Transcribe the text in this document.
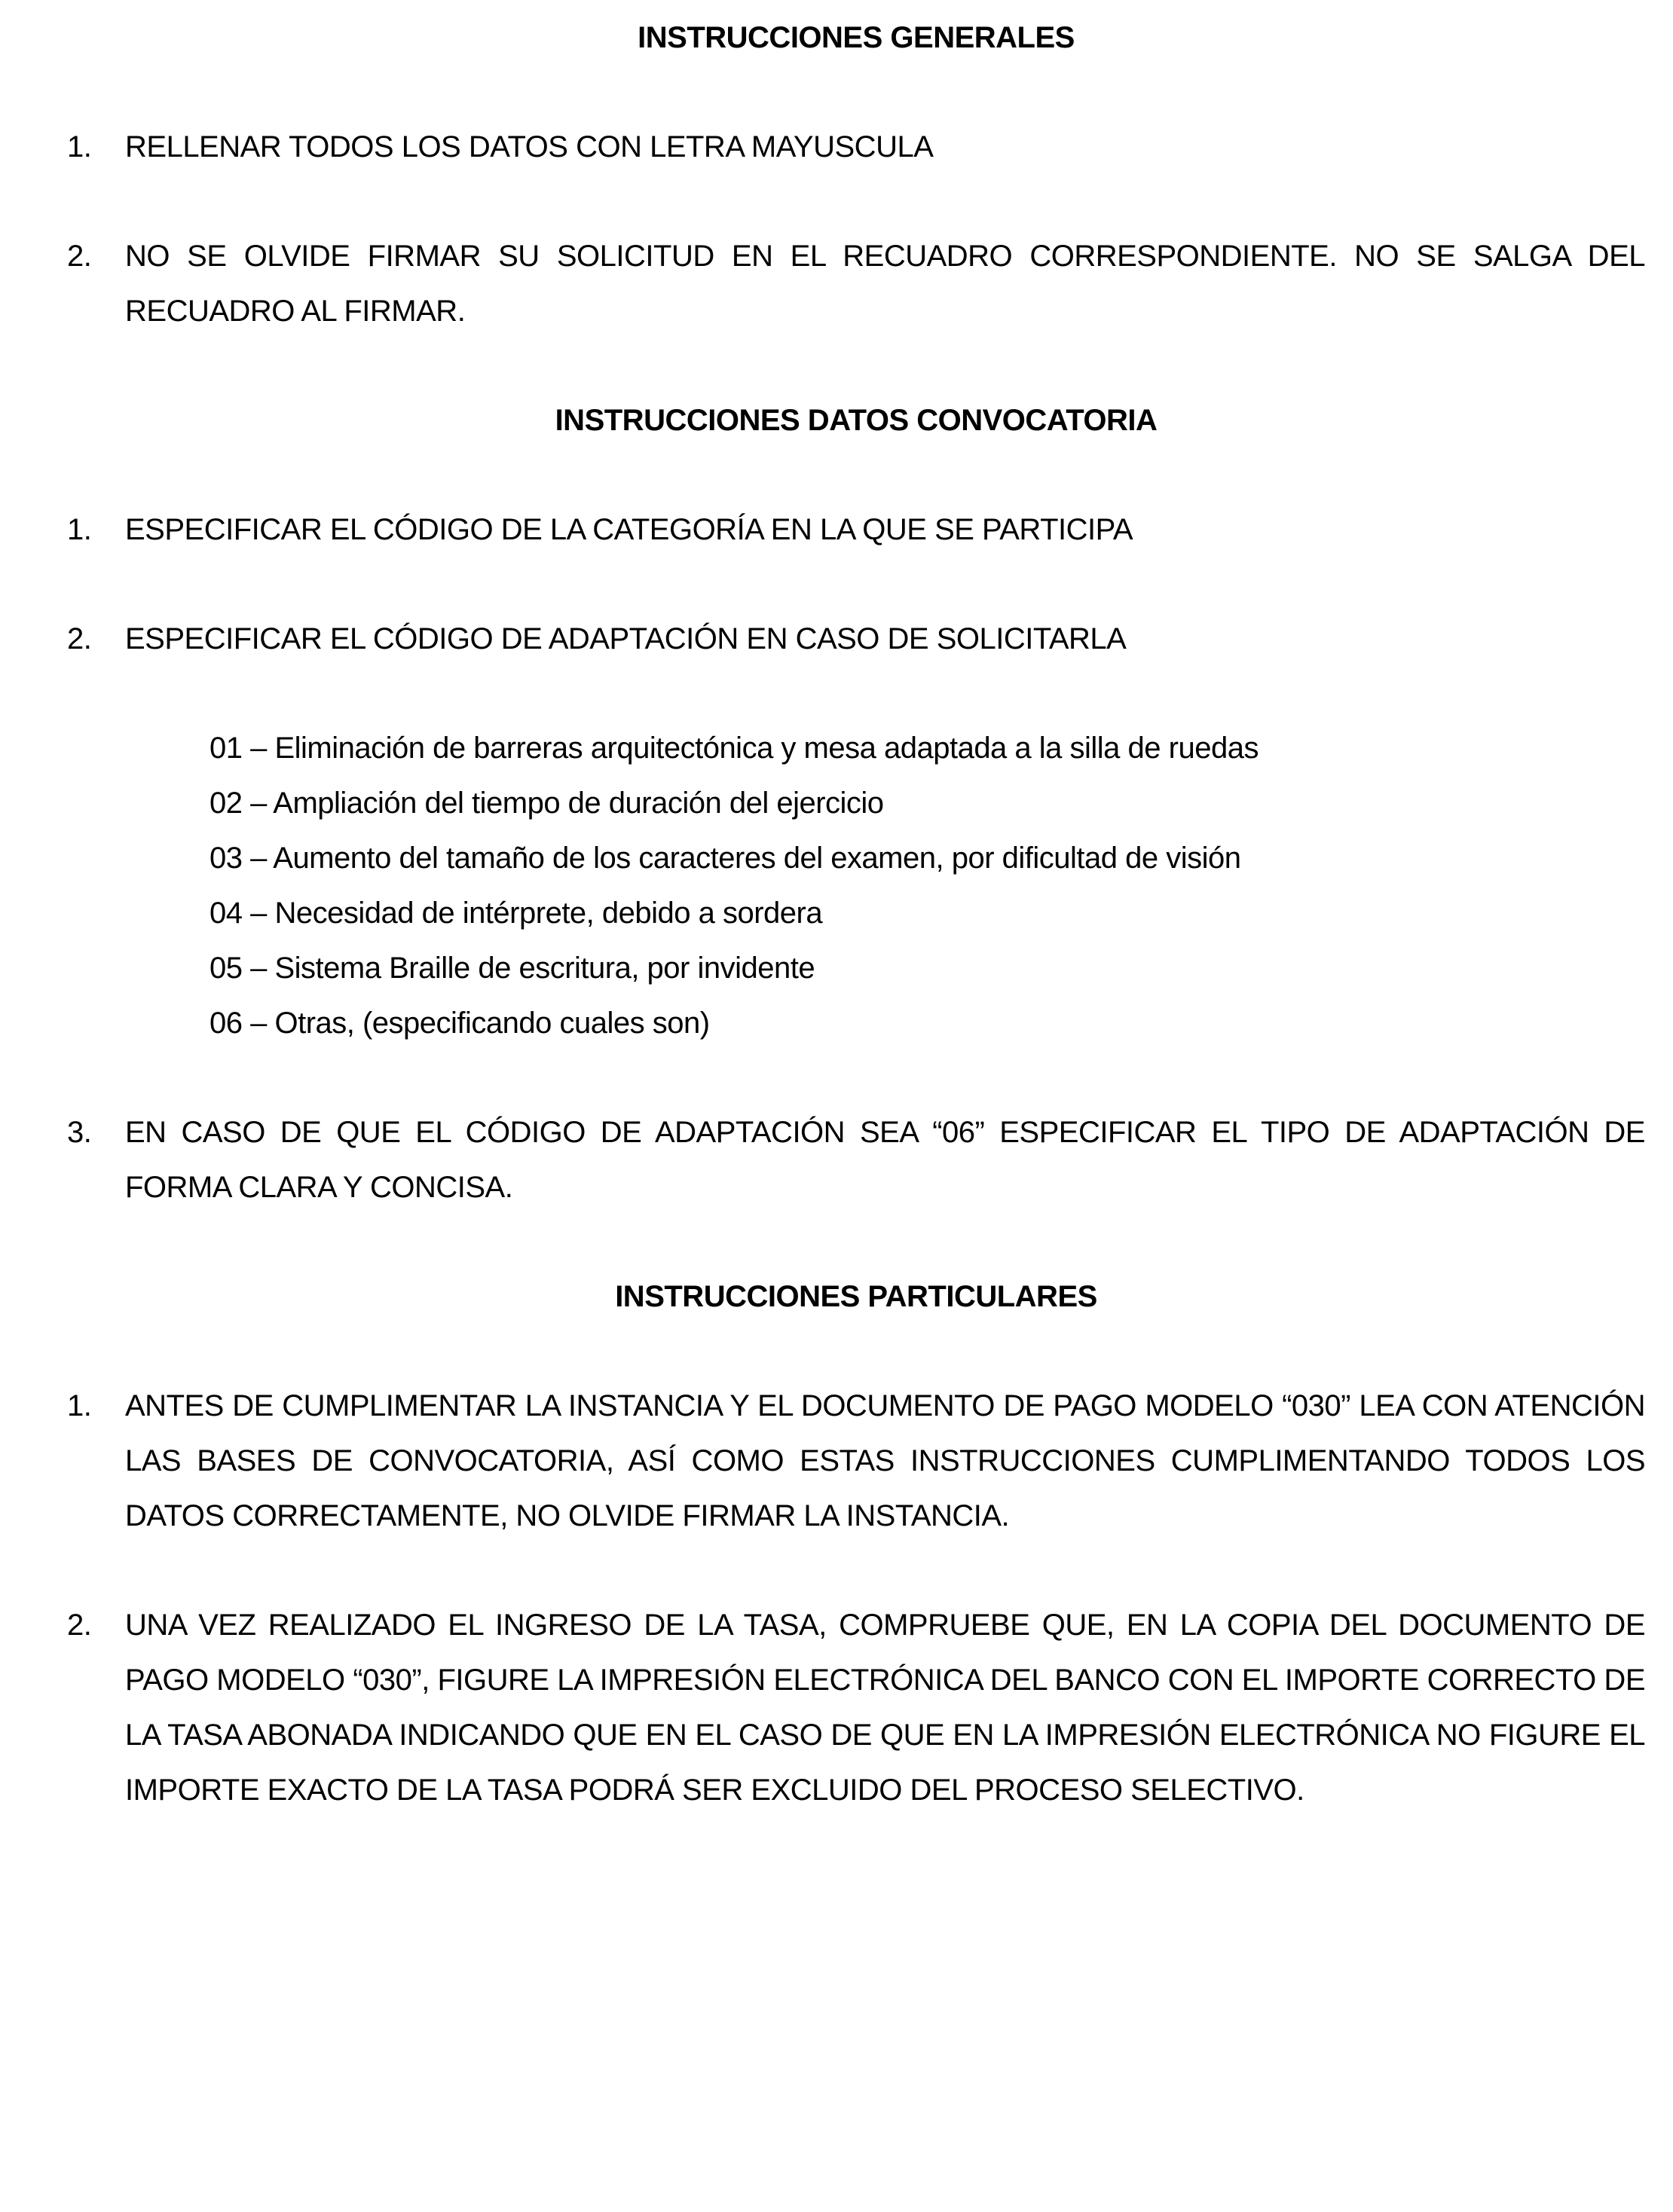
INSTRUCCIONES GENERALES
1.	RELLENAR TODOS LOS DATOS CON LETRA MAYUSCULA
2.	NO SE OLVIDE FIRMAR SU SOLICITUD EN EL RECUADRO CORRESPONDIENTE. NO SE SALGA DEL RECUADRO AL FIRMAR.
INSTRUCCIONES DATOS CONVOCATORIA
1.	ESPECIFICAR EL CÓDIGO DE LA CATEGORÍA EN LA QUE SE PARTICIPA
2.	ESPECIFICAR EL CÓDIGO DE ADAPTACIÓN EN CASO DE SOLICITARLA
01 – Eliminación de barreras arquitectónica y mesa adaptada a la silla de ruedas
02 – Ampliación del tiempo de duración del ejercicio
03 – Aumento del tamaño de los caracteres del examen, por dificultad de visión
04 – Necesidad de intérprete, debido a sordera
05 – Sistema Braille de escritura, por invidente
06 – Otras, (especificando cuales son)
3.	EN CASO DE QUE EL CÓDIGO DE ADAPTACIÓN SEA “06” ESPECIFICAR EL TIPO DE ADAPTACIÓN DE FORMA CLARA Y CONCISA.
INSTRUCCIONES PARTICULARES
1.	ANTES DE CUMPLIMENTAR LA INSTANCIA Y EL DOCUMENTO DE PAGO MODELO “030” LEA CON ATENCIÓN LAS BASES DE CONVOCATORIA, ASÍ COMO ESTAS INSTRUCCIONES CUMPLIMENTANDO TODOS LOS DATOS CORRECTAMENTE, NO OLVIDE FIRMAR LA INSTANCIA.
2.	UNA VEZ REALIZADO EL INGRESO DE LA TASA, COMPRUEBE QUE, EN LA COPIA DEL DOCUMENTO DE PAGO MODELO “030”, FIGURE LA IMPRESIÓN ELECTRÓNICA DEL BANCO CON EL IMPORTE CORRECTO DE LA TASA ABONADA INDICANDO QUE EN EL CASO DE QUE EN LA IMPRESIÓN ELECTRÓNICA NO FIGURE EL IMPORTE EXACTO DE LA TASA PODRÁ SER EXCLUIDO DEL PROCESO SELECTIVO.
